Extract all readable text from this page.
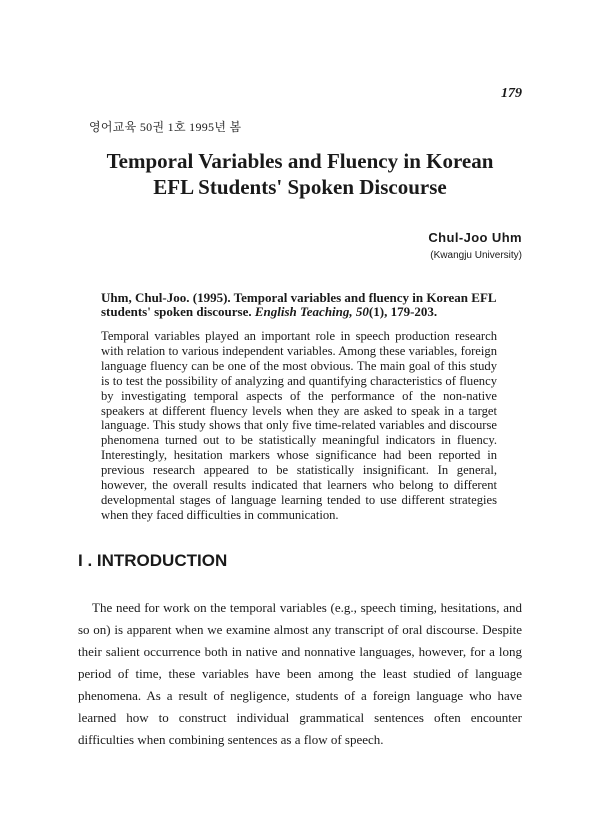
179
영어교육 50권 1호 1995년 봄
Temporal Variables and Fluency in Korean
EFL Students' Spoken Discourse
Chul-Joo Uhm
(Kwangju University)
Uhm, Chul-Joo. (1995). Temporal variables and fluency in Korean EFL students' spoken discourse. English Teaching, 50(1), 179-203.
Temporal variables played an important role in speech production research with relation to various independent variables. Among these variables, foreign language fluency can be one of the most obvious. The main goal of this study is to test the possibility of analyzing and quantifying characteristics of fluency by investigating temporal aspects of the performance of the non-native speakers at different fluency levels when they are asked to speak in a target language. This study shows that only five time-related variables and discourse phenomena turned out to be statistically meaningful indicators in fluency. Interestingly, hesitation markers whose significance had been reported in previous research appeared to be statistically insignificant. In general, however, the overall results indicated that learners who belong to different developmental stages of language learning tended to use different strategies when they faced difficulties in communication.
I . INTRODUCTION

The need for work on the temporal variables (e.g., speech timing, hesitations, and so on) is apparent when we examine almost any transcript of oral discourse. Despite their salient occurrence both in native and nonnative languages, however, for a long period of time, these variables have been among the least studied of language phenomena. As a result of negligence, students of a foreign language who have learned how to construct individual grammatical sentences often encounter difficulties when combining sentences as a flow of speech.
